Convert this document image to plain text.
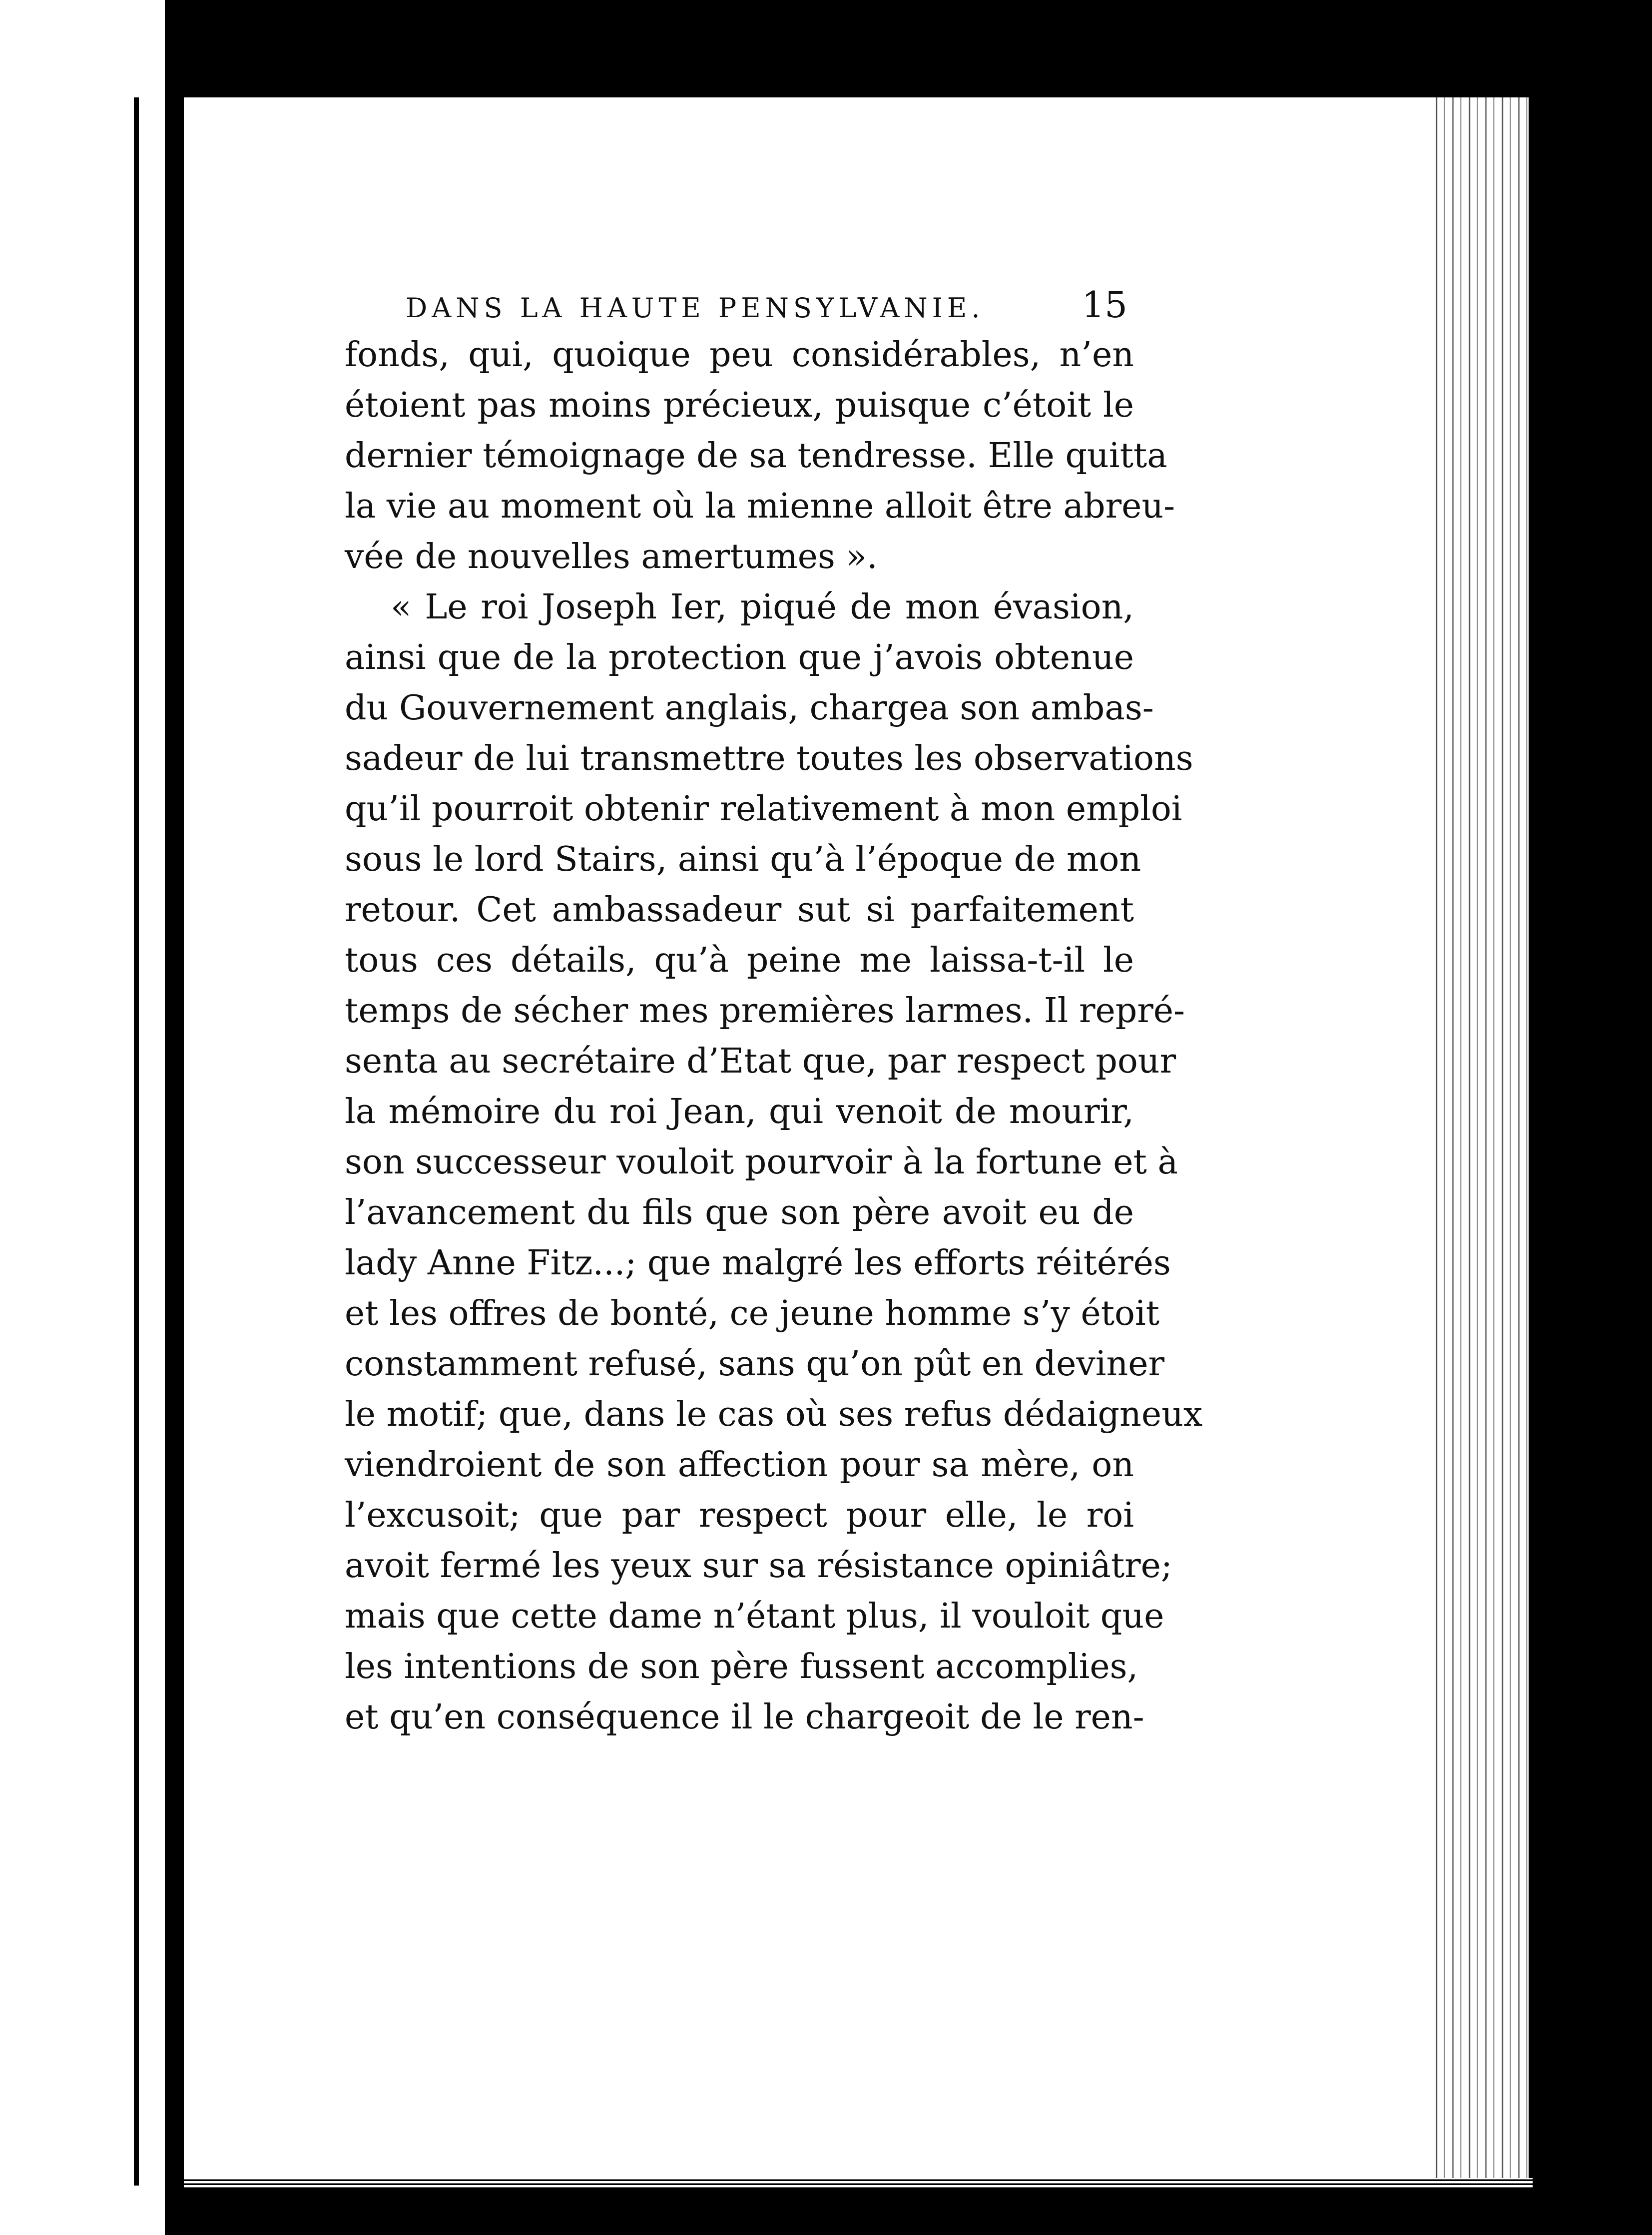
DANS LA HAUTE PENSYLVANIE.	15
fonds, qui, quoique peu considérables, n’en
étoient pas moins précieux, puisque c’étoit le
dernier témoignage de sa tendresse. Elle quitta
la vie au moment où la mienne alloit être abreu-
vée de nouvelles amertumes ».
« Le roi Joseph Ier, piqué de mon évasion,
ainsi que de la protection que j’avois obtenue
du Gouvernement anglais, chargea son ambas-
sadeur de lui transmettre toutes les observations
qu’il pourroit obtenir relativement à mon emploi
sous le lord Stairs, ainsi qu’à l’époque de mon
retour. Cet ambassadeur sut si parfaitement
tous ces détails, qu’à peine me laissa-t-il le
temps de sécher mes premières larmes. Il repré-
senta au secrétaire d’Etat que, par respect pour
la mémoire du roi Jean, qui venoit de mourir,
son successeur vouloit pourvoir à la fortune et à
l’avancement du fils que son père avoit eu de
lady Anne Fitz...; que malgré les efforts réitérés
et les offres de bonté, ce jeune homme s’y étoit
constamment refusé, sans qu’on pût en deviner
le motif; que, dans le cas où ses refus dédaigneux
viendroient de son affection pour sa mère, on
l’excusoit; que par respect pour elle, le roi
avoit fermé les yeux sur sa résistance opiniâtre;
mais que cette dame n’étant plus, il vouloit que
les intentions de son père fussent accomplies,
et qu’en conséquence il le chargeoit de le ren-
